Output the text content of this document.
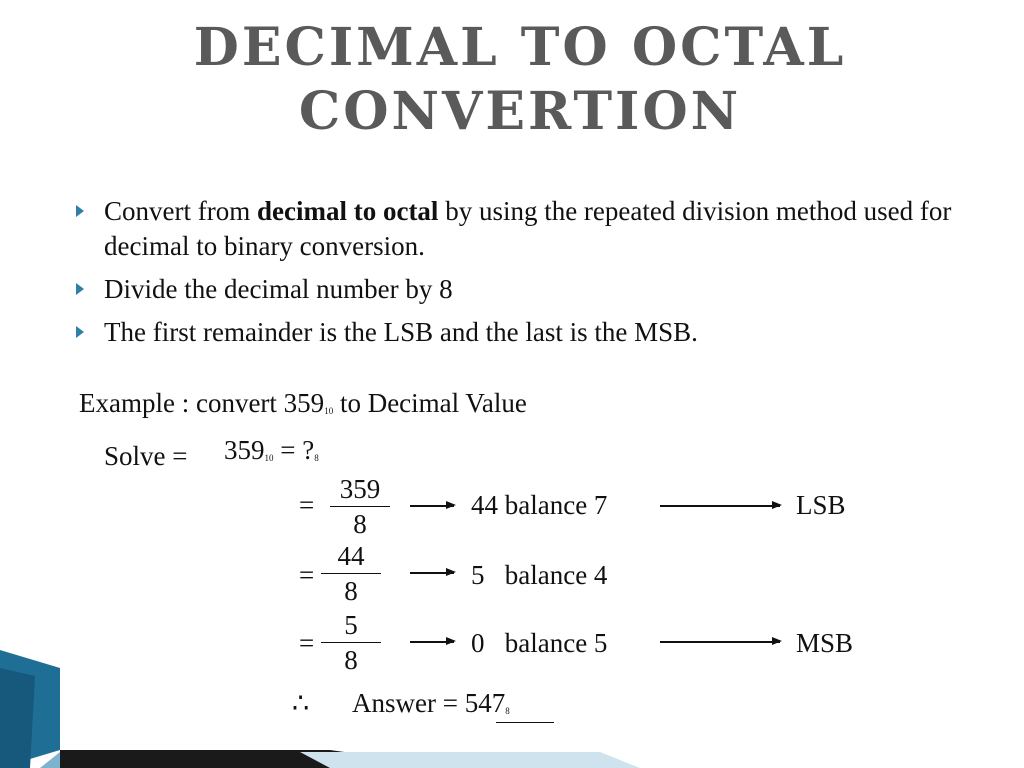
DECIMAL TO OCTAL
CONVERTION
Convert from decimal to octal by using the repeated division method used for decimal to binary conversion.
Divide the decimal number by 8
The first remainder is the LSB and the last is the MSB.
Example : convert 35910 to Decimal Value
Solve = 35910 = ?8
= $\frac{359}{8}$	44 balance 7	LSB
= $\frac{44}{8}$	5   balance 4
= $\frac{5}{8}$	0   balance 5	MSB
∴ Answer = 5478
